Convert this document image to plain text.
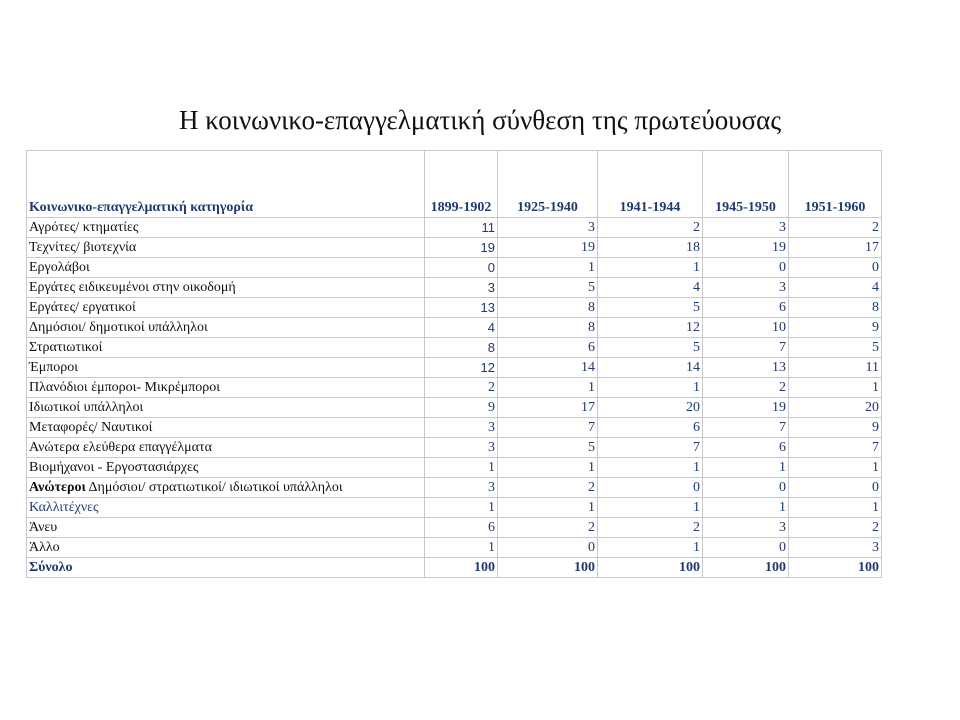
Η κοινωνικο-επαγγελματική σύνθεση της πρωτεύουσας
Κοινωνικο-επαγγελματική κατηγορία	1899-1902	1925-1940	1941-1944	1945-1950	1951-1960
Αγρότες/ κτηματίες	11	3	2	3	2
Τεχνίτες/ βιοτεχνία	19	19	18	19	17
Εργολάβοι	0	1	1	0	0
Εργάτες ειδικευμένοι στην οικοδομή	3	5	4	3	4
Εργάτες/ εργατικοί	13	8	5	6	8
Δημόσιοι/ δημοτικοί υπάλληλοι	4	8	12	10	9
Στρατιωτικοί	8	6	5	7	5
Έμποροι	12	14	14	13	11
Πλανόδιοι έμποροι- Μικρέμποροι	2	1	1	2	1
Ιδιωτικοί υπάλληλοι	9	17	20	19	20
Μεταφορές/ Ναυτικοί	3	7	6	7	9
Ανώτερα ελεύθερα επαγγέλματα	3	5	7	6	7
Βιομήχανοι - Εργοστασιάρχες	1	1	1	1	1
Ανώτεροι Δημόσιοι/ στρατιωτικοί/ ιδιωτικοί υπάλληλοι	3	2	0	0	0
Καλλιτέχνες	1	1	1	1	1
Άνευ	6	2	2	3	2
Άλλο	1	0	1	0	3
Σύνολο	100	100	100	100	100
